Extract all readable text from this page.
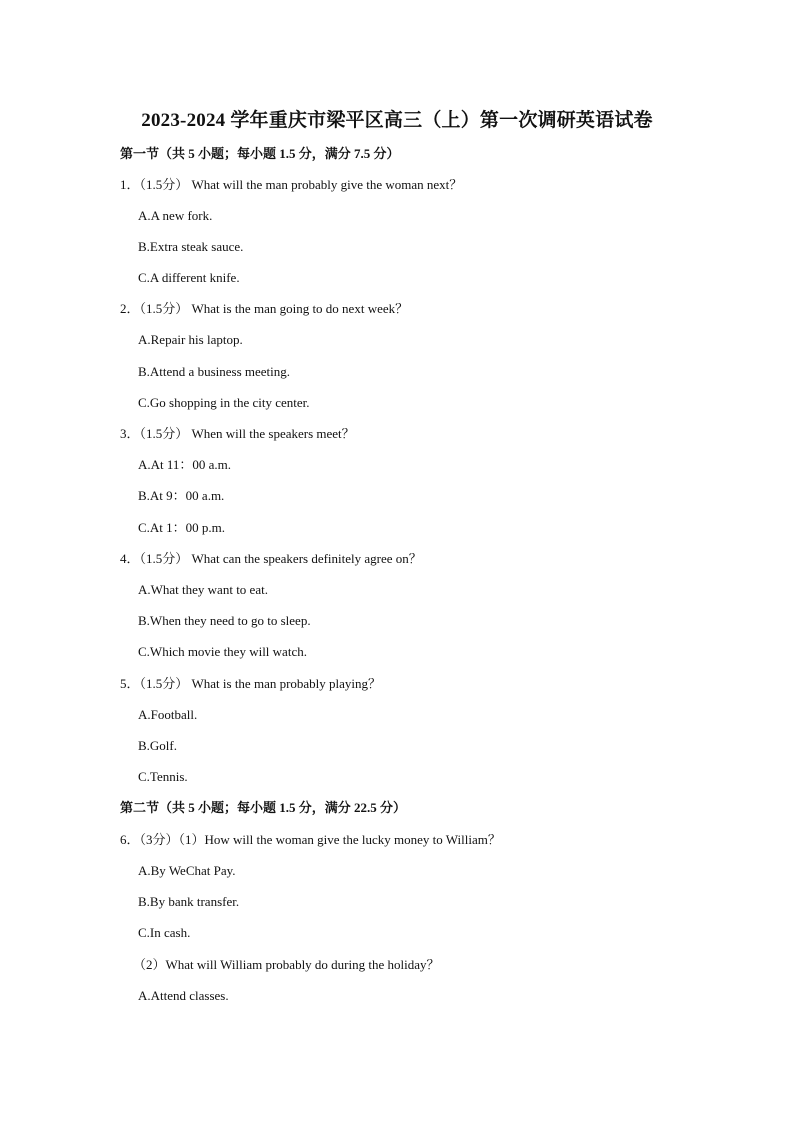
2023-2024 学年重庆市梁平区高三（上）第一次调研英语试卷
第一节（共 5 小题；每小题 1.5 分，满分 7.5 分）
1．（1.5分） What will the man probably give the woman next？
A.A new fork.
B.Extra steak sauce.
C.A different knife.
2．（1.5分） What is the man going to do next week？
A.Repair his laptop.
B.Attend a business meeting.
C.Go shopping in the city center.
3．（1.5分） When will the speakers meet？
A.At 11：00 a.m.
B.At 9：00 a.m.
C.At 1：00 p.m.
4．（1.5分） What can the speakers definitely agree on？
A.What they want to eat.
B.When they need to go to sleep.
C.Which movie they will watch.
5．（1.5分） What is the man probably playing？
A.Football.
B.Golf.
C.Tennis.
第二节（共 5 小题；每小题 1.5 分，满分 22.5 分）
6．（3分）（1）How will the woman give the lucky money to William？
A.By WeChat Pay.
B.By bank transfer.
C.In cash.
（2）What will William probably do during the holiday？
A.Attend classes.
